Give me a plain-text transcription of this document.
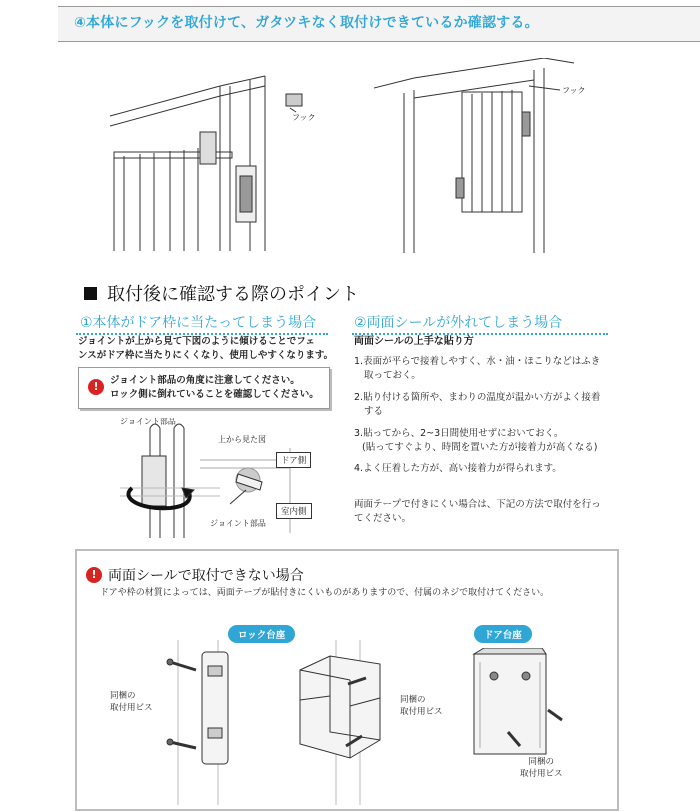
④本体にフックを取付けて、ガタツキなく取付けできているか確認する。
フック
フック
取付後に確認する際のポイント
①本体がドア枠に当たってしまう場合
ジョイントが上から見て下図のように傾けることでフェ
ンスがドア枠に当たりにくくなり、使用しやすくなります。
!	ジョイント部品の角度に注意してください。
ロック側に倒れていることを確認してください。
ジョイント部品
上から見た図
ジョイント部品
ドア側
室内側
②両面シールが外れてしまう場合
両面シールの上手な貼り方
1.表面が平らで接着しやすく、水・油・ほこりなどはふき
取っておく。
2.貼り付ける箇所や、まわりの温度が温かい方がよく接着
する
3.貼ってから、2~3日間使用せずにおいておく。
(貼ってすぐより、時間を置いた方が接着力が高くなる)
4.よく圧着した方が、高い接着力が得られます。
両面テープで付きにくい場合は、下記の方法で取付を行っ
てください。
! 両面シールで取付できない場合
ドアや枠の材質によっては、両面テープが貼付きにくいものがありますので、付属のネジで取付けてください。
ロック台座	ドア台座
同梱の
取付用ビス
同梱の
取付用ビス
同梱の
取付用ビス
